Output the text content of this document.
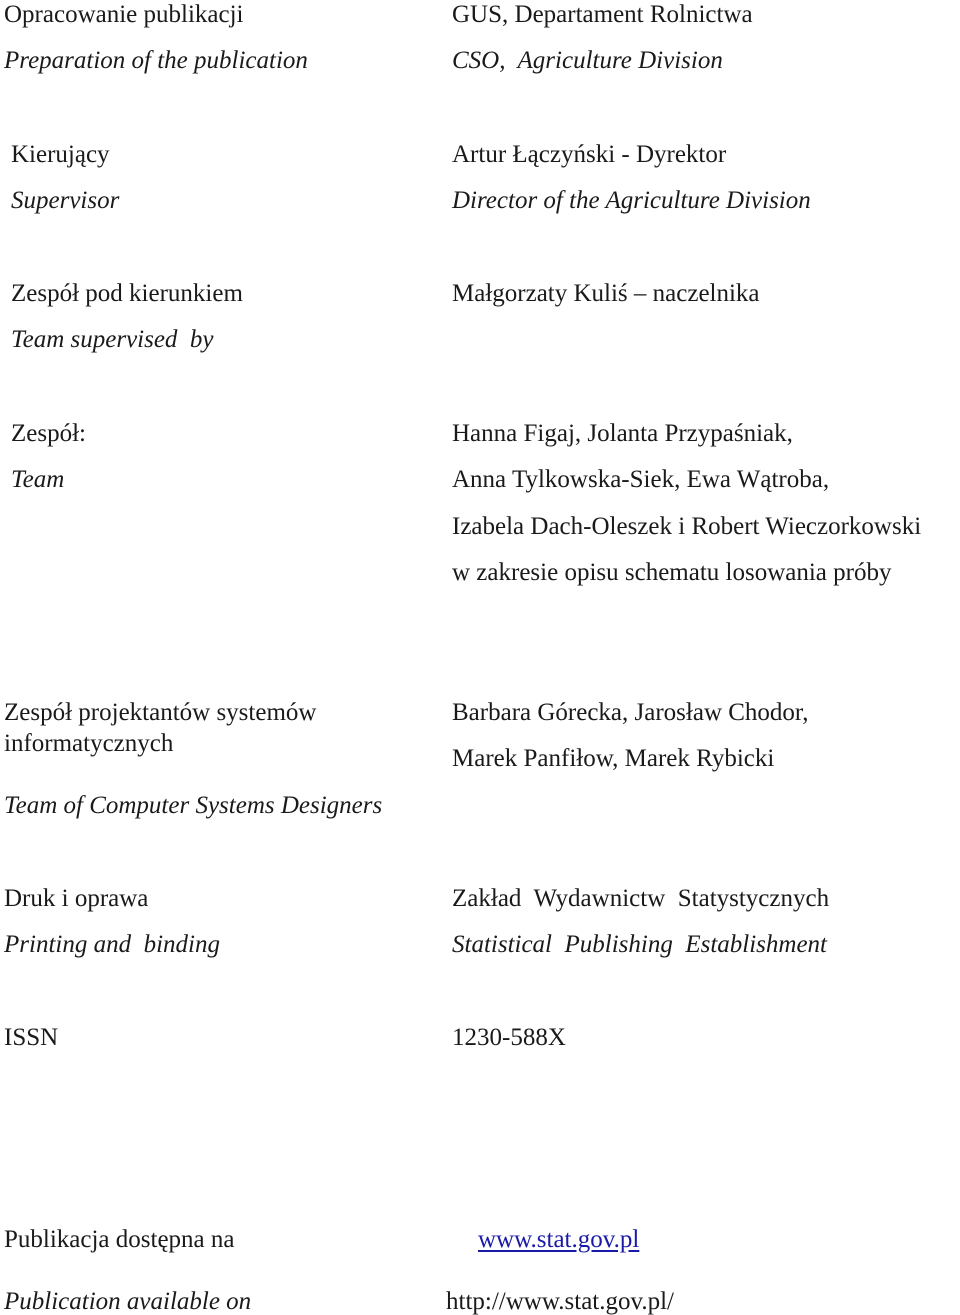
Opracowanie publikacji
Preparation of the publication
GUS, Departament Rolnictwa
CSO,  Agriculture Division
Kierujący
Supervisor
Artur Łączyński - Dyrektor
Director of the Agriculture Division
Zespół pod kierunkiem
Team supervised  by
Małgorzaty Kuliś – naczelnika
Zespół:
Team
Hanna Figaj, Jolanta Przypaśniak,
Anna Tylkowska-Siek, Ewa Wątroba,
Izabela Dach-Oleszek i Robert Wieczorkowski
w zakresie opisu schematu losowania próby
Zespół projektantów systemów
informatycznych
Team of Computer Systems Designers
Barbara Górecka, Jarosław Chodor,
Marek Panfiłow, Marek Rybicki
Druk i oprawa
Printing and  binding
Zakład  Wydawnictw  Statystycznych
Statistical  Publishing  Establishment
ISSN	1230-588X
Publikacja dostępna na
Publication available on
www.stat.gov.pl
http://www.stat.gov.pl/
